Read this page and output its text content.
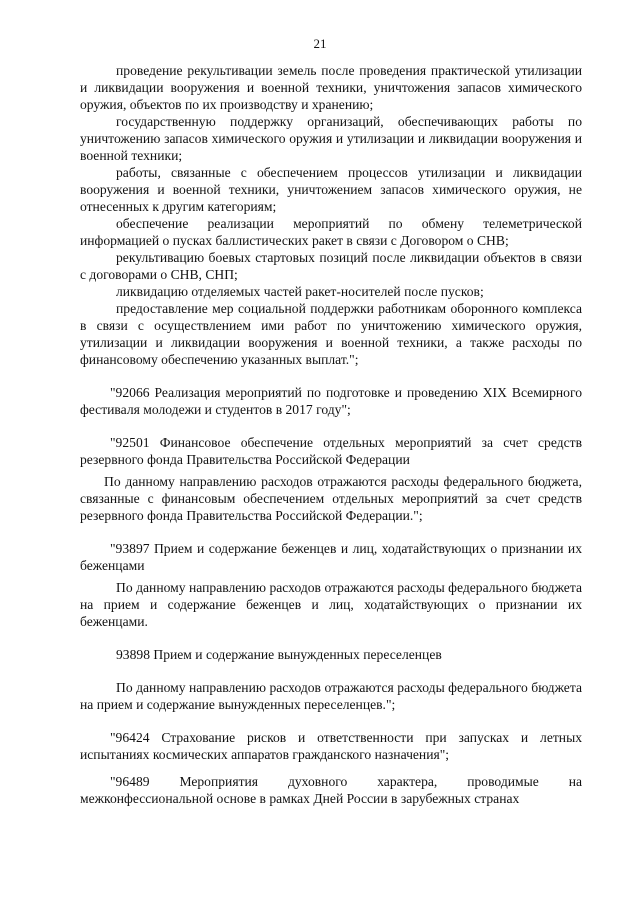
21

проведение рекультивации земель после проведения практической утилизации и ликвидации вооружения и военной техники, уничтожения запасов химического оружия, объектов по их производству и хранению;

государственную поддержку организаций, обеспечивающих работы по уничтожению запасов химического оружия и утилизации и ликвидации вооружения и военной техники;

работы, связанные с обеспечением процессов утилизации и ликвидации вооружения и военной техники, уничтожением запасов химического оружия, не отнесенных к другим категориям;

обеспечение реализации мероприятий по обмену телеметрической информацией о пусках баллистических ракет в связи с Договором о СНВ;

рекультивацию боевых стартовых позиций после ликвидации объектов в связи с договорами о СНВ, СНП;

ликвидацию отделяемых частей ракет-носителей после пусков;

предоставление мер социальной поддержки работникам оборонного комплекса в связи с осуществлением ими работ по уничтожению химического оружия, утилизации и ликвидации вооружения и военной техники, а также расходы по финансовому обеспечению указанных выплат.";

"92066 Реализация мероприятий по подготовке и проведению XIX Всемирного фестиваля молодежи и студентов в 2017 году";

"92501 Финансовое обеспечение отдельных мероприятий за счет средств резервного фонда Правительства Российской Федерации

По данному направлению расходов отражаются расходы федерального бюджета, связанные с финансовым обеспечением отдельных мероприятий за счет средств резервного фонда Правительства Российской Федерации.";

"93897 Прием и содержание беженцев и лиц, ходатайствующих о признании их беженцами

По данному направлению расходов отражаются расходы федерального бюджета на прием и содержание беженцев и лиц, ходатайствующих о признании их беженцами.

93898 Прием и содержание вынужденных переселенцев

По данному направлению расходов отражаются расходы федерального бюджета на прием и содержание вынужденных переселенцев.";

"96424 Страхование рисков и ответственности при запусках и летных испытаниях космических аппаратов гражданского назначения";

"96489 Мероприятия духовного характера, проводимые на межконфессиональной основе в рамках Дней России в зарубежных странах
